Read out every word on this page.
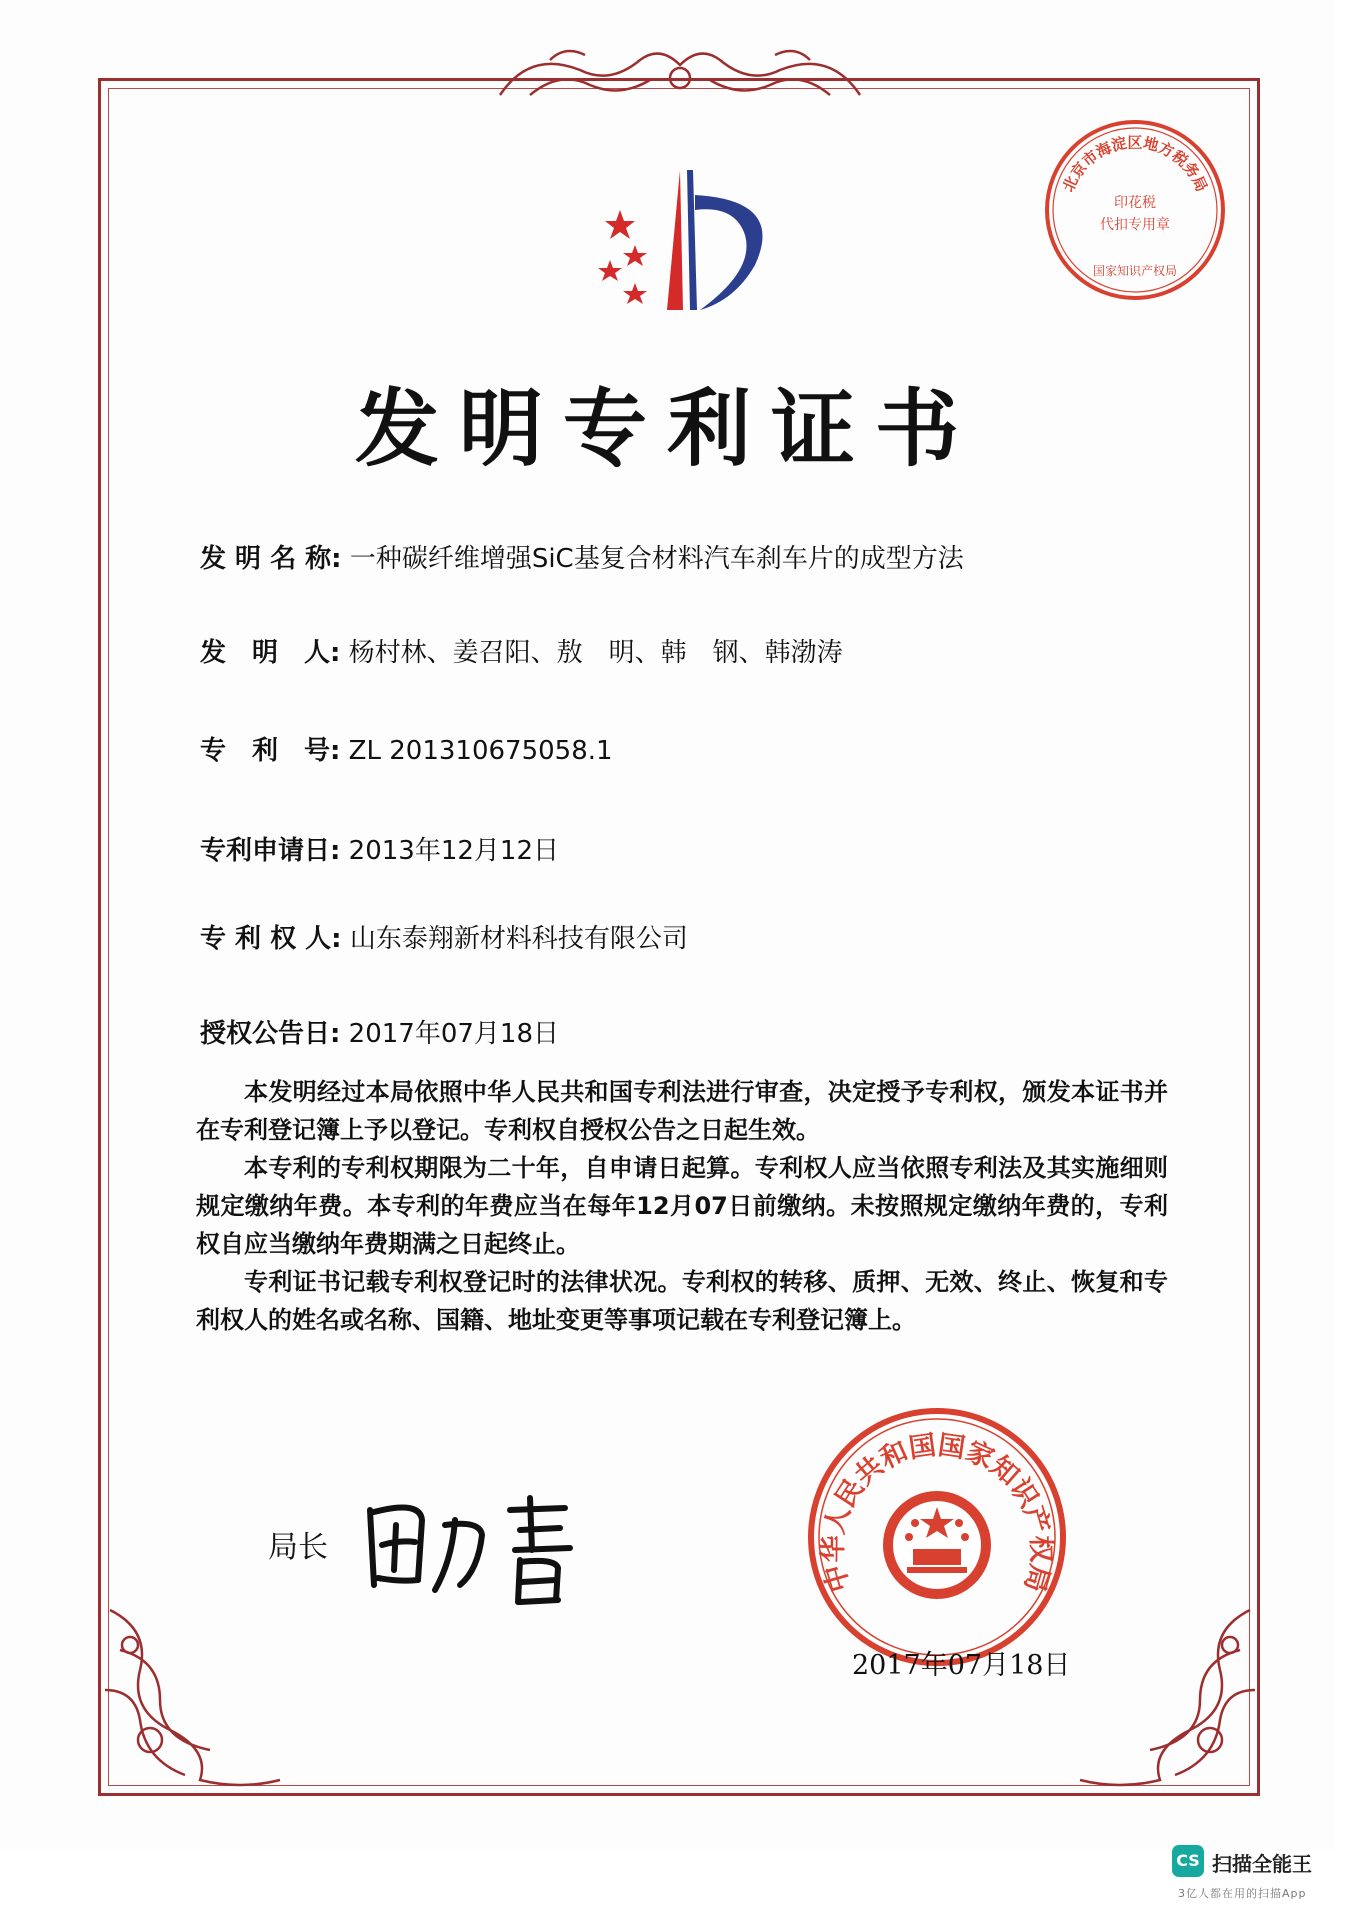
北京市海淀区地方税务局
印花税
代扣专用章
国家知识产权局
发明专利证书
发 明 名 称: 一种碳纤维增强SiC基复合材料汽车刹车片的成型方法
发　明　人: 杨村林、姜召阳、敖　明、韩　钢、韩渤涛
专　利　号: ZL 201310675058.1
专利申请日: 2013年12月12日
专 利 权 人: 山东泰翔新材料科技有限公司
授权公告日: 2017年07月18日

本发明经过本局依照中华人民共和国专利法进行审查，决定授予专利权，颁发本证书并在专利登记簿上予以登记。专利权自授权公告之日起生效。

本专利的专利权期限为二十年，自申请日起算。专利权人应当依照专利法及其实施细则规定缴纳年费。本专利的年费应当在每年12月07日前缴纳。未按照规定缴纳年费的，专利权自应当缴纳年费期满之日起终止。

专利证书记载专利权登记时的法律状况。专利权的转移、质押、无效、终止、恢复和专利权人的姓名或名称、国籍、地址变更等事项记载在专利登记簿上。

局长
中华人民共和国国家知识产权局
2017年07月18日
CS 扫描全能王
3亿人都在用的扫描App
